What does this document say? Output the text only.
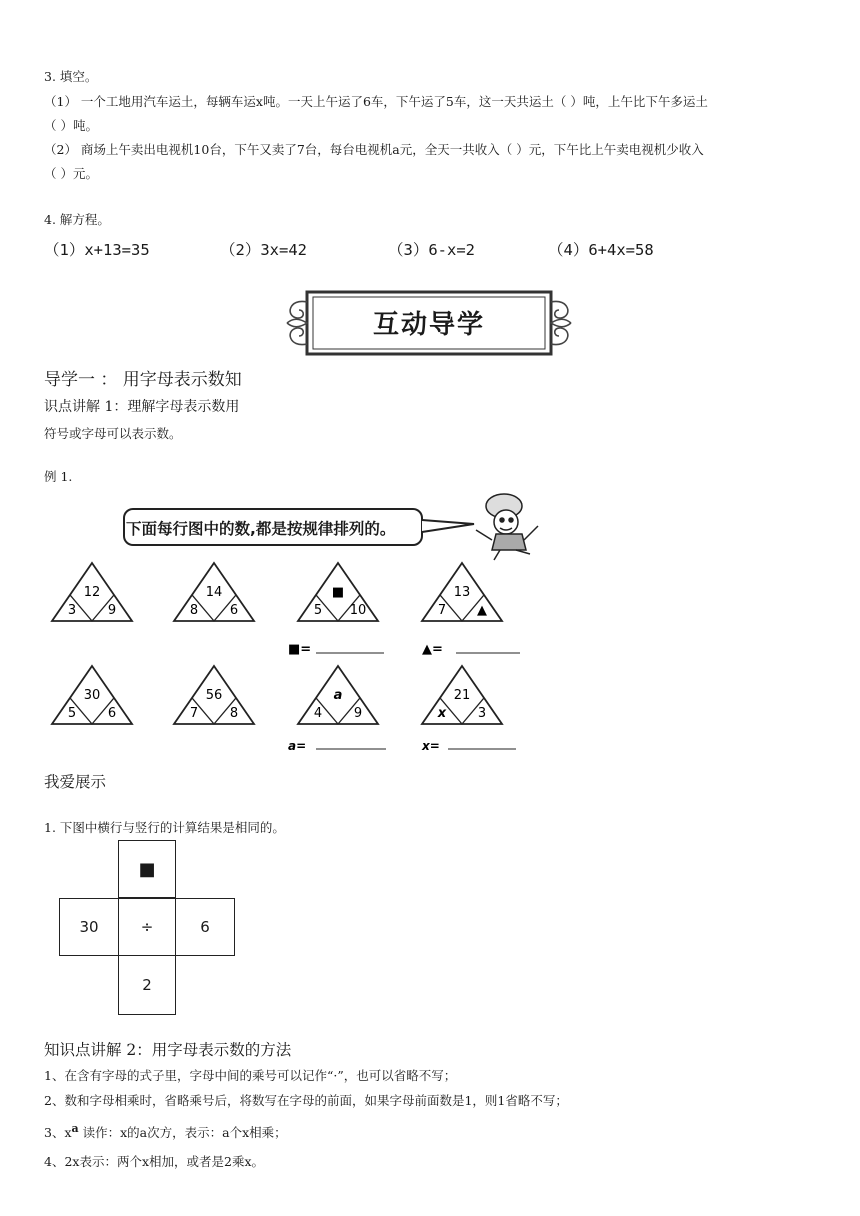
3. 填空。
（1） 一个工地用汽车运土，每辆车运x吨。一天上午运了6车，下午运了5车，这一天共运土（ ）吨，上午比下午多运土
（ ）吨。
（2） 商场上午卖出电视机10台，下午又卖了7台，每台电视机a元，全天一共收入（ ）元，下午比上午卖电视机少收入
（ ）元。
4. 解方程。
（1）x+13=35	（2）3x=42	（3）6-x=2	（4）6+4x=58
互动导学
导学一 ： 用字母表示数知
识点讲解 1：理解字母表示数用
符号或字母可以表示数。
例 1.
12
3 9
14
8 6
■
5 10
13
7 ▲
30
5 6
56
7 8
a
4 9
21
x 3
■=	▲=
a=	x=
下面每行图中的数,都是按规律排列的。
我爱展示
1. 下图中横行与竖行的计算结果是相同的。
■
30	÷	6
2
知识点讲解 2：用字母表示数的方法
1、在含有字母的式子里，字母中间的乘号可以记作“·”，也可以省略不写；
2、数和字母相乘时，省略乘号后，将数写在字母的前面，如果字母前面数是1，则1省略不写；
3、$x^a$ 读作：x的a次方，表示：a个x相乘；
4、2x表示：两个x相加，或者是2乘x。
